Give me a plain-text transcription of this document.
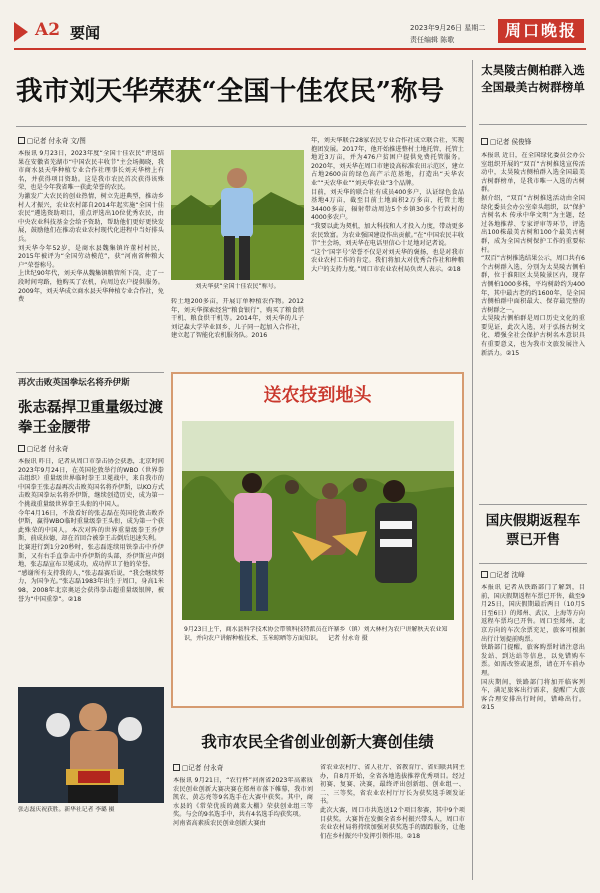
A2 要闻	2023年9月26日 星期二
责任编辑 陈歌	周口晚报
我市刘天华荣获“全国十佳农民”称号
□记者 付永奇 文/图
本报讯 9月23日，2023年度“全国十佳农民”评选结果在安徽省芜湖市“中国农民丰收节”主会场揭晓，我市商水县天华种植专业合作社理事长刘天华榜上有名，并获得项目资助。这是我市农民首次获得该殊荣，也是今年我省唯一获此荣誉的农民。
为激发广大农民的创业热情，树立先进典型，推动乡村人才振兴，农业农村部自2014年起实施“全国十佳农民”遴选资助项目，重点评选出10位优秀农民，由中央农业科技基金会给予资助，帮助他们更好更快发展，鼓励他们在推动农业农村现代化进程中当好排头兵。
刘天华今年52岁，是商水县魏集镇许董村村民，2015年被评为“全国劳动模范”，获“河南省种粮大户”荣誉称号。
上世纪90年代，刘天华从魏集镇粮管所下岗，走了一段时间弯路，他购买了农机，向周边农户提供服务。2009年，刘天华成立商水县天华种植专业合作社，免费
刘天华获“全国十佳农民”称号。
转土地200多亩，开展订单种植农作物。2012年，刘天华探索经营“粮食银行”，购买了粮食烘干机、粮食烘干机等。2014年，刘天华的儿子刘记森大学毕业回乡，儿子同一起加入合作社，建立起了智能化农机服务队。2016
年，刘天华联合28家农民专业合作社成立联合社，实现抱团发展。2017年，他开始推进整村土地托管，托管土地近3万亩，并为476户贫困户提供免费托管服务。2020年，刘天华在周口市建设高标准农田示范区，建立占地2600亩的绿色高产示范基地，打造出“天华农业”“天农华业”“刘天华农业”3个品牌。
目前，刘天华的联合社有成员400多户，认证绿色食品基地4万亩，截至目前土地面积2万多亩，托管土地34400多亩，辐射带动周边5个乡镇30多个行政村的4000多农户。
“我要以此为契机，加大科技和人才投入力度，带动更多农民致富。为农业强国建设作出贡献。”在“中国农民丰收节”主会场，刘天华在电话里信心十足地对记者说。
“这个‘国字号’荣誉不仅是对刘天华的褒扬，也是对我市农业农村工作的肯定。我们将加大对优秀合作社和种粮大户的支持力度。”周口市农业农村局负责人表示。②18
再次击败英国拳坛名将乔伊斯
张志磊捍卫重量级过渡拳王金腰带
□记者 付永奇
本报讯 昨日，记者从周口市拳击协会获悉，北京时间2023年9月24日，在英国伦敦举行的WBO（世界拳击组织）重量级世界临时拳王卫冕战中，来自我市的中国拳王张志磊再次击败英国名将乔伊斯，以KO方式击败英国拳坛名将乔伊斯，继续创造历史，成为第一个挑战重量级世界拳王头衔的中国人。
今年4月16日，不敌看好的张志磊在英国伦敦击败乔伊斯，赢得WBO临时重量级拳王头衔，成为第一个获此殊荣的中国人。本次对阵的世界重量级拳王乔伊斯，前成拉德，却在首回合被拳王击倒后迅速失利。
比赛进行到1分20秒时，张志磊连续用铁拳击中乔伊斯，又有右手直拳击中乔伊斯的头部，乔伊斯应声倒地，张志磊宣布卫冕成功，成功捍卫了他的荣誉。
“感谢所有支持我的人，”张志磊赛后说，“我会继续努力，为国争光。”张志磊1983年出生于周口，身高1米98，2008年北京奥运会获得拳击超重量级银牌，被誉为“中国重拳”。②18
张志磊庆祝获胜。新华社记者 李璐 摄
送农技到地头
9月23日上午，商水县科学技术协会带领科技特派员在许寨乡（镇）刘大林村为农户讲解秋天农业知识，并向农户讲解种植技术、玉米晾晒等方面知识。 记者 付永奇 摄
我市农民全省创业创新大赛创佳绩
□记者 付永奇
本报讯 9月21日，“农行杯”河南省2023年高素质农民创业创新大赛决赛在郑州市落下帷幕，我市刘凯农、黄志亮等9名选手在大赛中获奖。其中，商水县的《常荣优质的蔬菜大棚》荣获创业组三等奖。与会的9名选手中，共有4名选手均获奖项。
河南省高素质农民创业创新大赛由
省农业农村厅、省人社厅、省教育厅、省妇联共同主办，自8月开始，全省各地选拔推荐优秀项目。经过初赛、复赛、决赛，最终评出创新组、创业组一、二、三等奖，省农业农村厅厅长为获奖选手颁发证书。
此次大赛，周口市共选送12个项目参赛，其中9个项目获奖。大赛旨在发掘全省乡村振兴带头人，周口市农业农村局将持续加强对获奖选手的跟踪服务，让他们在乡村振兴中发挥引领作用。②18
太昊陵古侧柏群入选全国最美古树群榜单
□记者 侯俊锋
本报讯 近日，在全国绿化委员会办公室组织开展的“双百”古树推选宣传活动中，太昊陵古侧柏群入选全国最美古树群榜单，是我市唯一入选的古树群。
据介绍，“双百”古树推选活动由全国绿化委员会办公室牵头组织，以“保护古树名木 传承中华文明”为主题，经过各地推荐、专家评审等环节，评选出100株最美古树和100个最美古树群，成为全国古树保护工作的重要标杆。
“双百”古树推选结果公示，周口共有6个古树群入选，分别为太昊陵古侧柏群，位于淮阳区太昊陵景区内，现存古侧柏1000多株，平均树龄约为400年，其中最古老的约1600年，是全国古侧柏群中面积最大、保存最完整的古树群之一。
太昊陵古侧柏群是周口历史文化的重要见证，此次入选，对于弘扬古树文化、增强全社会保护古树名木意识具有重要意义，也为我市文旅发展注入新活力。②15
国庆假期返程车票已开售
□记者 沈峰
本报讯 记者从铁路部门了解到，目前，国庆假期返程车票已开售，截至9月25日，国庆假期最后两日（10月5日至6日）的郑州、武汉、上海等方向返程车票均已开售。周口至郑州、北京方向的车次余票充足，旅客可根据出行计划提前购票。
铁路部门提醒，旅客购票时请注意出发站、到达站等信息，以免错购车票。如需改签或退票，请在开车前办理。
国庆期间，铁路部门将加开临客列车，满足旅客出行需求，提醒广大旅客合理安排出行时间，错峰出行。②15
